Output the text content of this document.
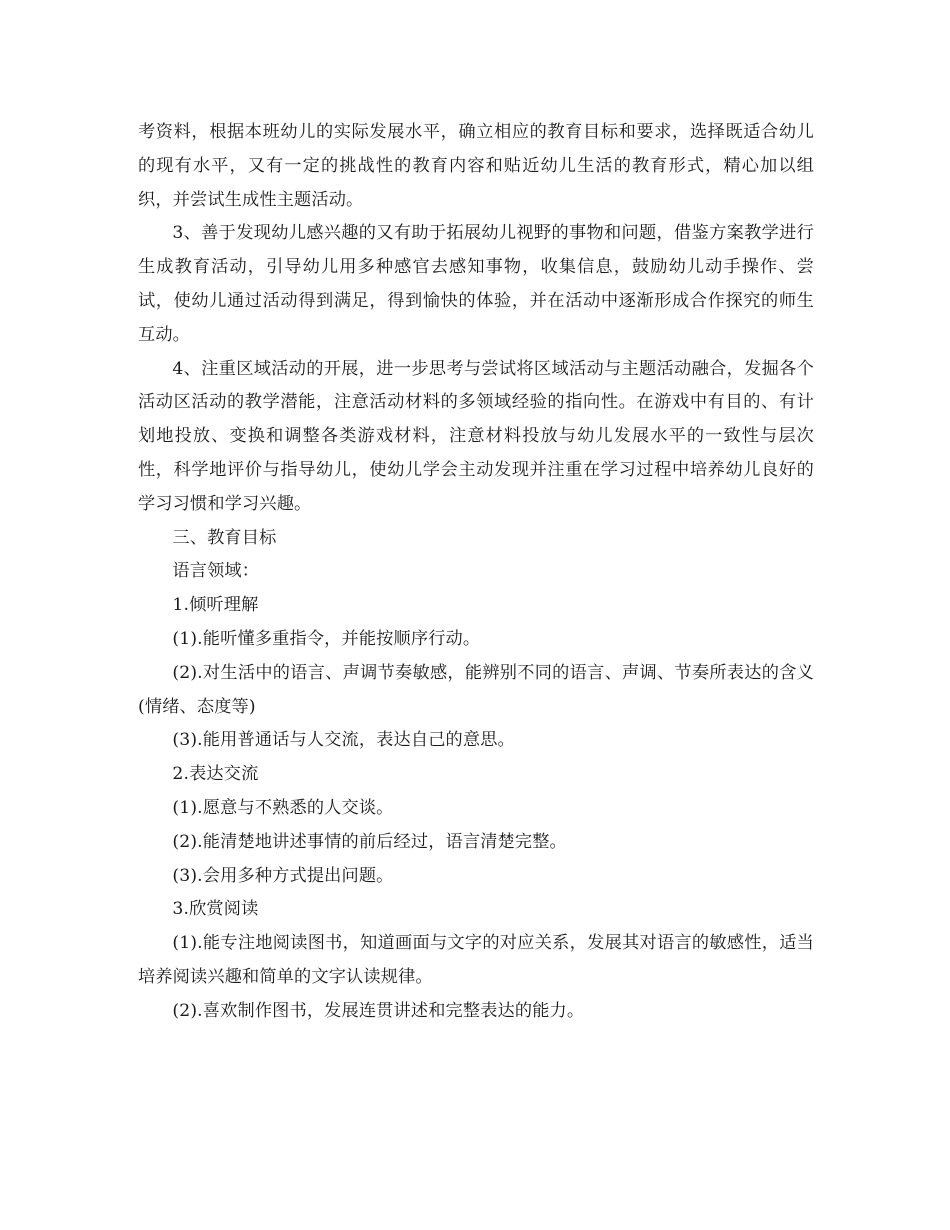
考资料，根据本班幼儿的实际发展水平，确立相应的教育目标和要求，选择既适合幼儿的现有水平，又有一定的挑战性的教育内容和贴近幼儿生活的教育形式，精心加以组织，并尝试生成性主题活动。

3、善于发现幼儿感兴趣的又有助于拓展幼儿视野的事物和问题，借鉴方案教学进行生成教育活动，引导幼儿用多种感官去感知事物，收集信息，鼓励幼儿动手操作、尝试，使幼儿通过活动得到满足，得到愉快的体验，并在活动中逐渐形成合作探究的师生互动。

4、注重区域活动的开展，进一步思考与尝试将区域活动与主题活动融合，发掘各个活动区活动的教学潜能，注意活动材料的多领域经验的指向性。在游戏中有目的、有计划地投放、变换和调整各类游戏材料，注意材料投放与幼儿发展水平的一致性与层次性，科学地评价与指导幼儿，使幼儿学会主动发现并注重在学习过程中培养幼儿良好的学习习惯和学习兴趣。

三、教育目标

语言领域：

1.倾听理解

(1).能听懂多重指令，并能按顺序行动。

(2).对生活中的语言、声调节奏敏感，能辨别不同的语言、声调、节奏所表达的含义(情绪、态度等)

(3).能用普通话与人交流，表达自己的意思。

2.表达交流

(1).愿意与不熟悉的人交谈。

(2).能清楚地讲述事情的前后经过，语言清楚完整。

(3).会用多种方式提出问题。

3.欣赏阅读

(1).能专注地阅读图书，知道画面与文字的对应关系，发展其对语言的敏感性，适当培养阅读兴趣和简单的文字认读规律。

(2).喜欢制作图书，发展连贯讲述和完整表达的能力。
